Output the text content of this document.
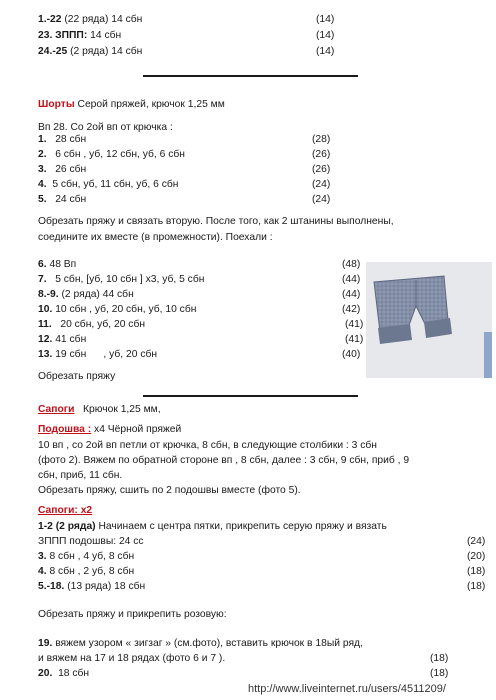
1.-22 (22 ряда) 14 сбн	(14)
23. ЗППП: 14 сбн	(14)
24.-25 (2 ряда) 14 сбн	(14)
Шорты Серой пряжей, крючок 1,25 мм
Вп 28. Со 2ой вп от крючка :
1. 28 сбн	(28)
2. 6 сбн , уб, 12 сбн, уб, 6 сбн	(26)
3. 26 сбн	(26)
4. 5 сбн, уб, 11 сбн, уб, 6 сбн	(24)
5. 24 сбн	(24)
Обрезать пряжу и связать вторую. После того, как 2 штанины выполнены,
соедините их вместе (в промежности). Поехали :
6. 48 Вп	(48)
7. 5 сбн, [уб, 10 сбн ] x3, уб, 5 сбн	(44)
8.-9. (2 ряда) 44 сбн	(44)
10. 10 сбн , уб, 20 сбн, уб, 10 сбн	(42)
11. 20 сбн, уб, 20 сбн	(41)
12. 41 сбн	(41)
13. 19 сбн      , уб, 20 сбн	(40)
Обрезать пряжу
Сапоги Крючок 1,25 мм,
Подошва : x4 Чёрной пряжей
10 вп , со 2ой вп петли от крючка, 8 сбн, в следующие столбики : 3 сбн
(фото 2). Вяжем по обратной стороне вп , 8 сбн, далее : 3 сбн, 9 сбн, приб , 9
сбн, приб, 11 сбн.
Обрезать пряжу, сшить по 2 подошвы вместе (фото 5).
Сапоги: x2
1-2 (2 ряда) Начинаем с центра пятки, прикрепить серую пряжу и вязать
ЗППП подошвы: 24 сс	(24)
3. 8 сбн , 4 уб, 8 сбн	(20)
4. 8 сбн , 2 уб, 8 сбн	(18)
5.-18. (13 ряда) 18 сбн	(18)
Обрезать пряжу и прикрепить розовую:
19. вяжем узором « зигзаг » (см.фото), вставить крючок в 18ый ряд,
и вяжем на 17 и 18 рядах (фото 6 и 7 ).	(18)
20. 18 сбн	(18)
http://www.liveinternet.ru/users/4511209/
